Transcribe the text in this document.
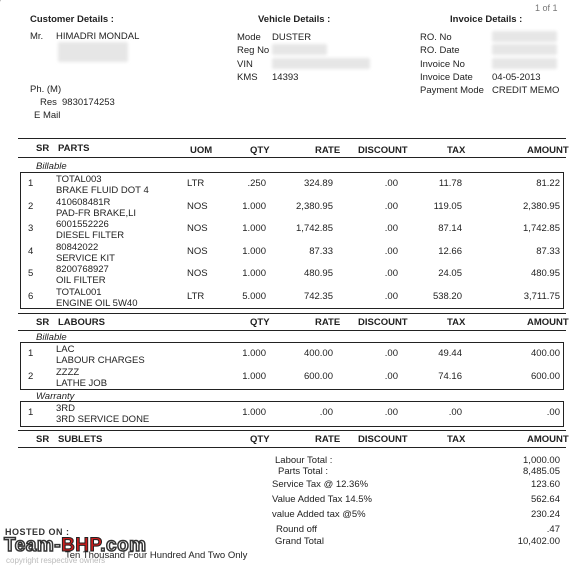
1 of 1
Customer Details :
Mr. HIMADRI MONDAL
Ph. (M)
Res 9830174253
E Mail
Vehicle Details :
Mode DUSTER
Reg No
VIN
KMS 14393
Invoice Details :
RO. No
RO. Date
Invoice No
Invoice Date 04-05-2013
Payment Mode CREDIT MEMO
SR PARTS	UOM	QTY	RATE DISCOUNT	TAX	AMOUNT
Billable
1 TOTAL003
BRAKE FLUID DOT 4
LTR	.250	324.89	.00	11.78	81.22
2 410608481R
PAD-FR BRAKE,LI
NOS	1.000	2,380.95	.00	119.05	2,380.95
3 6001552226
DIESEL FILTER
NOS	1.000	1,742.85	.00	87.14	1,742.85
4 80842022
SERVICE KIT
NOS	1.000	87.33	.00	12.66	87.33
5 8200768927
OIL FILTER
NOS	1.000	480.95	.00	24.05	480.95
6 TOTAL001
ENGINE OIL 5W40
LTR	5.000	742.35	.00	538.20	3,711.75
SR LABOURS	QTY	RATE DISCOUNT	TAX	AMOUNT
Billable
1 LAC
LABOUR CHARGES
1.000	400.00	.00	49.44	400.00
2 ZZZZ
LATHE JOB
1.000	600.00	.00	74.16	600.00
Warranty
1 3RD
3RD SERVICE DONE
1.000	.00	.00	.00	.00
SR SUBLETS	QTY	RATE DISCOUNT	TAX	AMOUNT
Labour Total :	1,000.00
Parts Total :	8,485.05
Service Tax @ 12.36%	123.60
Value Added Tax 14.5%	562.64
value Added tax @5%	230.24
Round off	.47
Grand Total	10,402.00
Ten Thousand Four Hundred And Two Only
HOSTED ON :
Team-BHP.com
copyright respective owners
